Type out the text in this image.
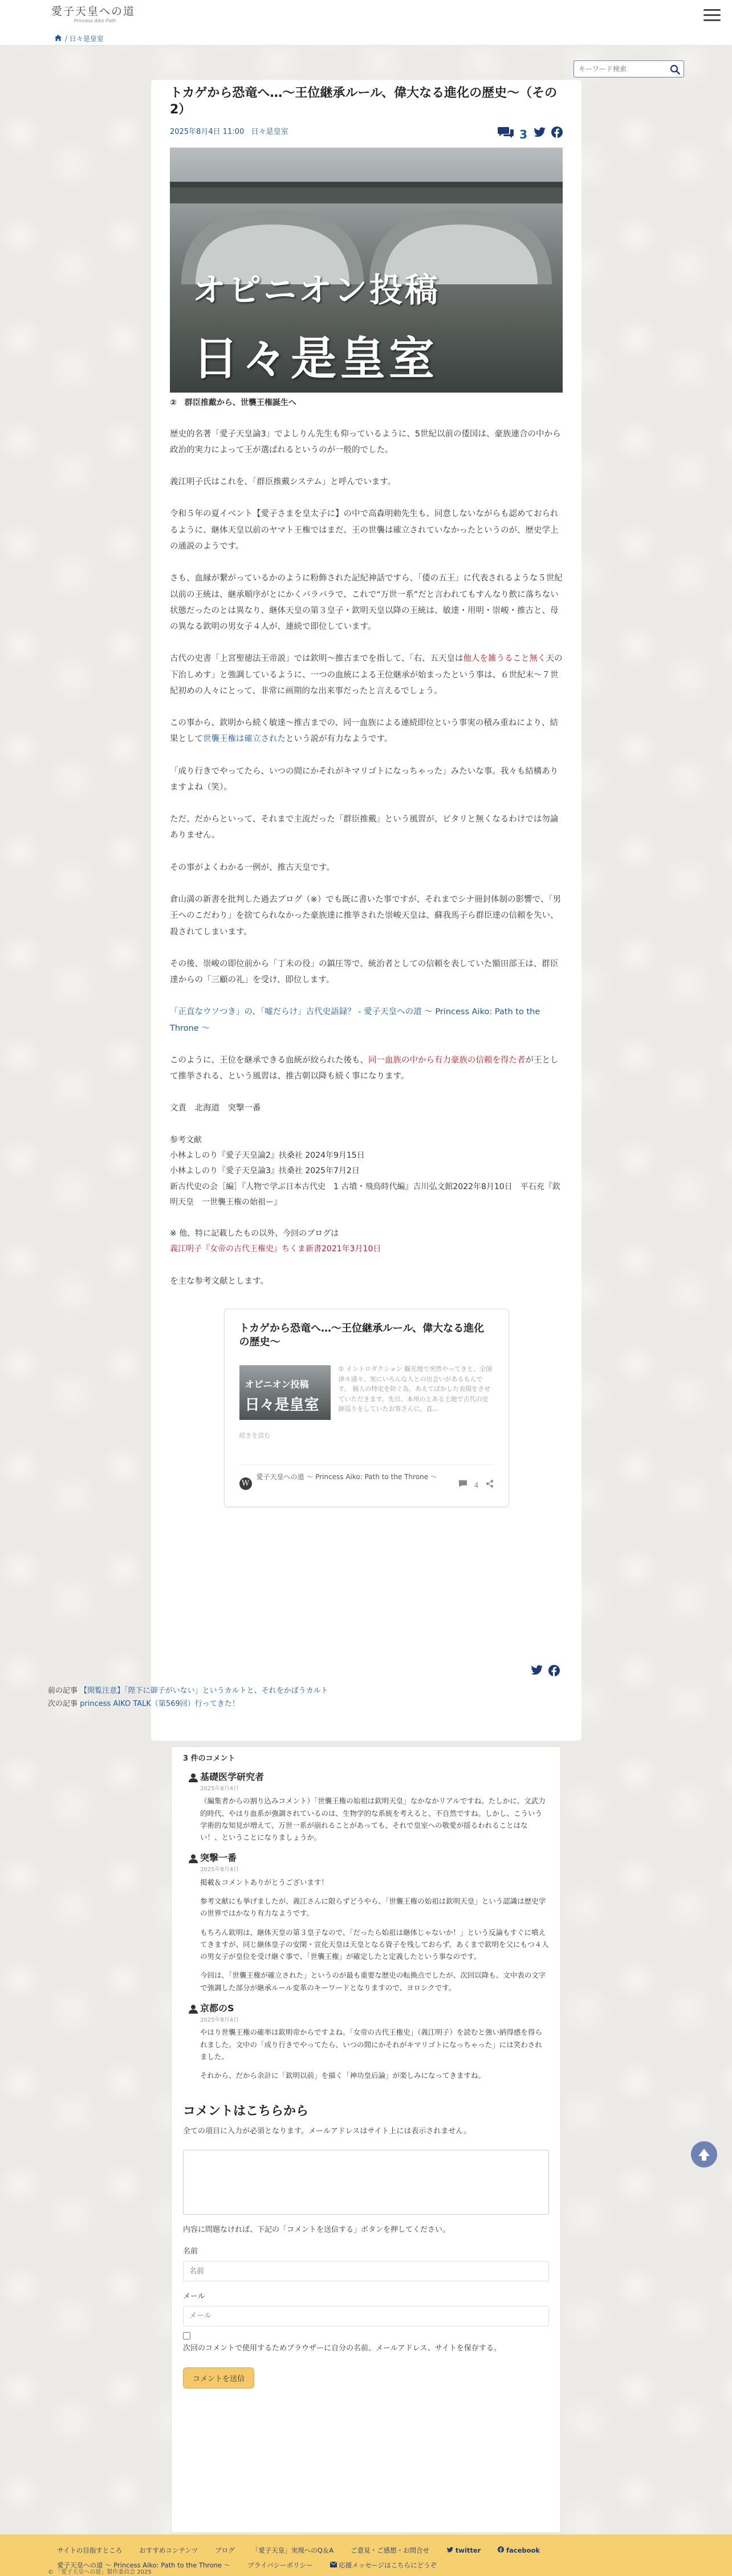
愛子天皇への道
Princess Aiko Path
/ 日々是皇室
キーワード検索
トカゲから恐竜へ…〜王位継承ルール、偉大なる進化の歴史〜（その2）
2025年8月4日 11:00 日々是皇室	3
オピニオン投稿
日々是皇室
②　群臣推戴から、世襲王権誕生へ

歴史的名著「愛子天皇論3」でよしりん先生も仰っているように、5世紀以前の倭国は、豪族連合の中から政治的実力によって王が選ばれるというのが一般的でした。

義江明子氏はこれを、「群臣推戴システム」と呼んでいます。

令和５年の夏イベント【愛子さまを皇太子に】の中で高森明勅先生も、同意しないながらも認めておられるように、継体天皇以前のヤマト王権ではまだ、王の世襲は確立されていなかったというのが、歴史学上の通説のようです。

さも、血縁が繋がっているかのように粉飾された記紀神話ですら、「倭の五王」に代表されるような５世紀以前の王統は、継承順序がとにかくバラバラで、これで“万世一系”だと言われてもすんなり飲に落ちない状態だったのとは異なり、継体天皇の第３皇子・欽明天皇以降の王統は、敏達・用明・崇峻・推古と、母の異なる欽明の男女子４人が、連続で即位しています。

古代の史書「上宮聖徳法王帝説」では欽明〜推古までを指して、「右、五天皇は他人を雑うること無く天の下治しめす」と強調しているように、一つの血統による王位継承が始まったという事は、６世紀末〜７世紀初めの人々にとって、非常に画期的な出来事だったと言えるでしょう。

この事から、欽明から続く敏達〜推古までの、同一血族による連続即位という事実の積み重ねにより、結果として世襲王権は確立されたという説が有力なようです。

「成り行きでやってたら、いつの間にかそれがキマリゴトになっちゃった」みたいな事。我々も結構ありますよね（笑）。

ただ、だからといって、それまで主流だった「群臣推戴」という風習が、ピタリと無くなるわけでは勿論ありません。

その事がよくわかる一例が、推古天皇です。

倉山満の新書を批判した過去ブログ（※）でも既に書いた事ですが、それまでシナ冊封体制の影響で、「男王へのこだわり」を捨てられなかった豪族達に推挙された崇峻天皇は、蘇我馬子ら群臣達の信頼を失い、殺されてしまいます。

その後、崇峻の即位前から「丁未の役」の鎮圧等で、統治者としての信頼を表していた額田部王は、群臣達からの「三顧の礼」を受け、即位します。

「正直なウソつき」の、「嘘だらけ」古代史語録？ - 愛子天皇への道 〜 Princess Aiko: Path to the Throne 〜

このように、王位を継承できる血統が絞られた後も、同一血族の中から有力豪族の信頼を得た者が王として推挙される、という風習は、推古朝以降も続く事になります。

文責　北海道　突撃一番

参考文献
小林よしのり『愛子天皇論2』扶桑社 2024年9月15日
小林よしのり『愛子天皇論3』扶桑社 2025年7月2日
新古代史の会［編］『人物で学ぶ日本古代史　1 古墳・飛鳥時代編』吉川弘文館2022年8月10日　平石充『欽明天皇　一世襲王権の始祖ー』
※ 他、特に記載したもの以外、今回のブログは
義江明子『女帝の古代王権史』ちくま新書2021年3月10日

を主な参考文献とします。

トカゲから恐竜へ…〜王位継承ルール、偉大なる進化の歴史〜
オピニオン投稿
日々是皇室
① イントロダクション 観光地で突然やってきと、全国津々浦々、実にいろんな人との出会いがあるもんです。 個人の特定を防ぐ為、あえてぼかした表現をさせていただきます。先日、本州のとある土地で古代の史跡巡りをしていたお客さんに、直…
続きを読む
W
愛子天皇への道 〜 Princess Aiko: Path to the Throne 〜
4
前の記事 【開覧注意】「陛下に御子がいない」というカルトと、それをかばうカルト
次の記事 princess AIKO TALK（第569回）行ってきた！
3 件のコメント
基礎医学研究者
2025年8月4日

（編集者からの割り込みコメント）「世襲王権の始祖は欽明天皇」なかなかリアルですね。たしかに、文武力的時代、やはり血系が強調されているのは、生物学的な系統を考えると、不自然ですね。しかし、こういう学術的な知見が増えて、万世一系が崩れることがあっても、それで皇室への敬愛が揺るわれることはない！、ということになりましょうか。

突撃一番
2025年8月4日

掲載＆コメントありがとうございます！

参考文献にも挙げましたが、義江さんに限らずどうやら、「世襲王権の始祖は欽明天皇」という認識は歴史学の世界ではかなり有力なようです。

もちろん欽明は、継体天皇の第３皇子なので、「だったら始祖は継体じゃないか！」という反論もすぐに噴えてきますが、同じ継体皇子の安閑・宣化天皇は天皇となる資子を残しておらず、あくまで欽明を父にもつ４人の男女子が皇位を受け継ぐ事で、「世襲王権」が確定したと定義したという事なのです。

今回は、「世襲王権が確立された」というのが最も重要な歴史の転換点でしたが、次回以降も、文中表の文字で強調した部分が継承ルール変革のキーワードとなりますので、ヨロシクです。

京都のS
2025年8月4日

やはり世襲王権の確率は欽明帝からですよね。「女帝の古代王権史」（義江明子）を読むと強い納得感を得られました。文中の「成り行きでやってたら、いつの間にかそれがキマリゴトになっちゃった」には笑わされました。

それから、だから余計に「欽明以前」を描く「神功皇后論」が楽しみになってきますね。

コメントはこちらから
全ての項目に入力が必須となります。メールアドレスはサイト上には表示されません。
内容に問題なければ、下記の「コメントを送信する」ボタンを押してください。
名前
名前
メール
メール
次回のコメントで使用するためブラウザーに自分の名前、メールアドレス、サイトを保存する。
コメントを送信
サイトの目指すところ	おすすめコンテンツ	ブログ	「愛子天皇」実現へのQ＆A	ご意見・ご感想・お問合せ	twitter	facebook
愛子天皇への道 〜 Princess Aiko: Path to the Throne 〜	プライバシーポリシー	応援メッセージはこちらにどうぞ
© 「愛子天皇への道」製作委員会 2025
